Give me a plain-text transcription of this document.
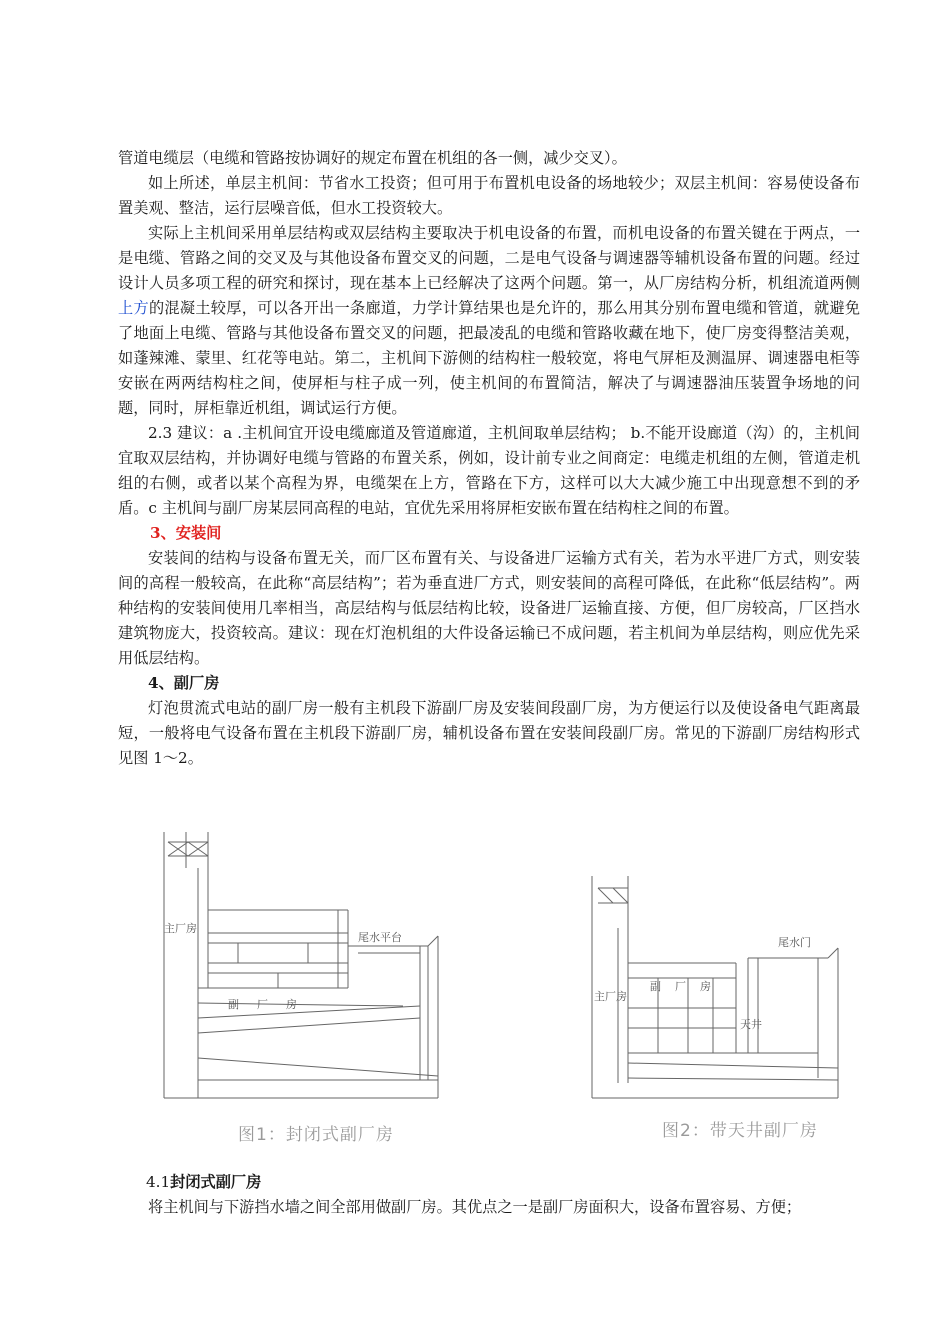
管道电缆层（电缆和管路按协调好的规定布置在机组的各一侧，减少交叉）。

如上所述，单层主机间：节省水工投资；但可用于布置机电设备的场地较少；双层主机间：容易使设备布置美观、整洁，运行层噪音低，但水工投资较大。

实际上主机间采用单层结构或双层结构主要取决于机电设备的布置，而机电设备的布置关键在于两点，一是电缆、管路之间的交叉及与其他设备布置交叉的问题，二是电气设备与调速器等辅机设备布置的问题。经过设计人员多项工程的研究和探讨，现在基本上已经解决了这两个问题。第一，从厂房结构分析，机组流道两侧上方的混凝土较厚，可以各开出一条廊道，力学计算结果也是允许的，那么用其分别布置电缆和管道，就避免了地面上电缆、管路与其他设备布置交叉的问题，把最凌乱的电缆和管路收藏在地下，使厂房变得整洁美观，如蓬辣滩、蒙里、红花等电站。第二，主机间下游侧的结构柱一般较宽，将电气屏柜及测温屏、调速器电柜等安嵌在两两结构柱之间，使屏柜与柱子成一列，使主机间的布置简洁，解决了与调速器油压装置争场地的问题，同时，屏柜靠近机组，调试运行方便。

2.3 建议：a .主机间宜开设电缆廊道及管道廊道，主机间取单层结构； b.不能开设廊道（沟）的，主机间宜取双层结构，并协调好电缆与管路的布置关系，例如，设计前专业之间商定：电缆走机组的左侧，管道走机组的右侧，或者以某个高程为界，电缆架在上方，管路在下方，这样可以大大减少施工中出现意想不到的矛盾。c 主机间与副厂房某层同高程的电站，宜优先采用将屏柜安嵌布置在结构柱之间的布置。

3、安装间

安装间的结构与设备布置无关，而厂区布置有关、与设备进厂运输方式有关，若为水平进厂方式，则安装间的高程一般较高，在此称“高层结构”；若为垂直进厂方式，则安装间的高程可降低，在此称“低层结构”。两种结构的安装间使用几率相当，高层结构与低层结构比较，设备进厂运输直接、方便，但厂房较高，厂区挡水建筑物庞大，投资较高。建议：现在灯泡机组的大件设备运输已不成问题，若主机间为单层结构，则应优先采用低层结构。

4、副厂房

灯泡贯流式电站的副厂房一般有主机段下游副厂房及安装间段副厂房，为方便运行以及使设备电气距离最短，一般将电气设备布置在主机段下游副厂房，辅机设备布置在安装间段副厂房。常见的下游副厂房结构形式见图 1～2。

主厂房
尾水平台
副厂房
图1：封闭式副厂房
主厂房
尾水门
副厂房
天井
图2：带天井副厂房

4.1封闭式副厂房

将主机间与下游挡水墙之间全部用做副厂房。其优点之一是副厂房面积大，设备布置容易、方便；
